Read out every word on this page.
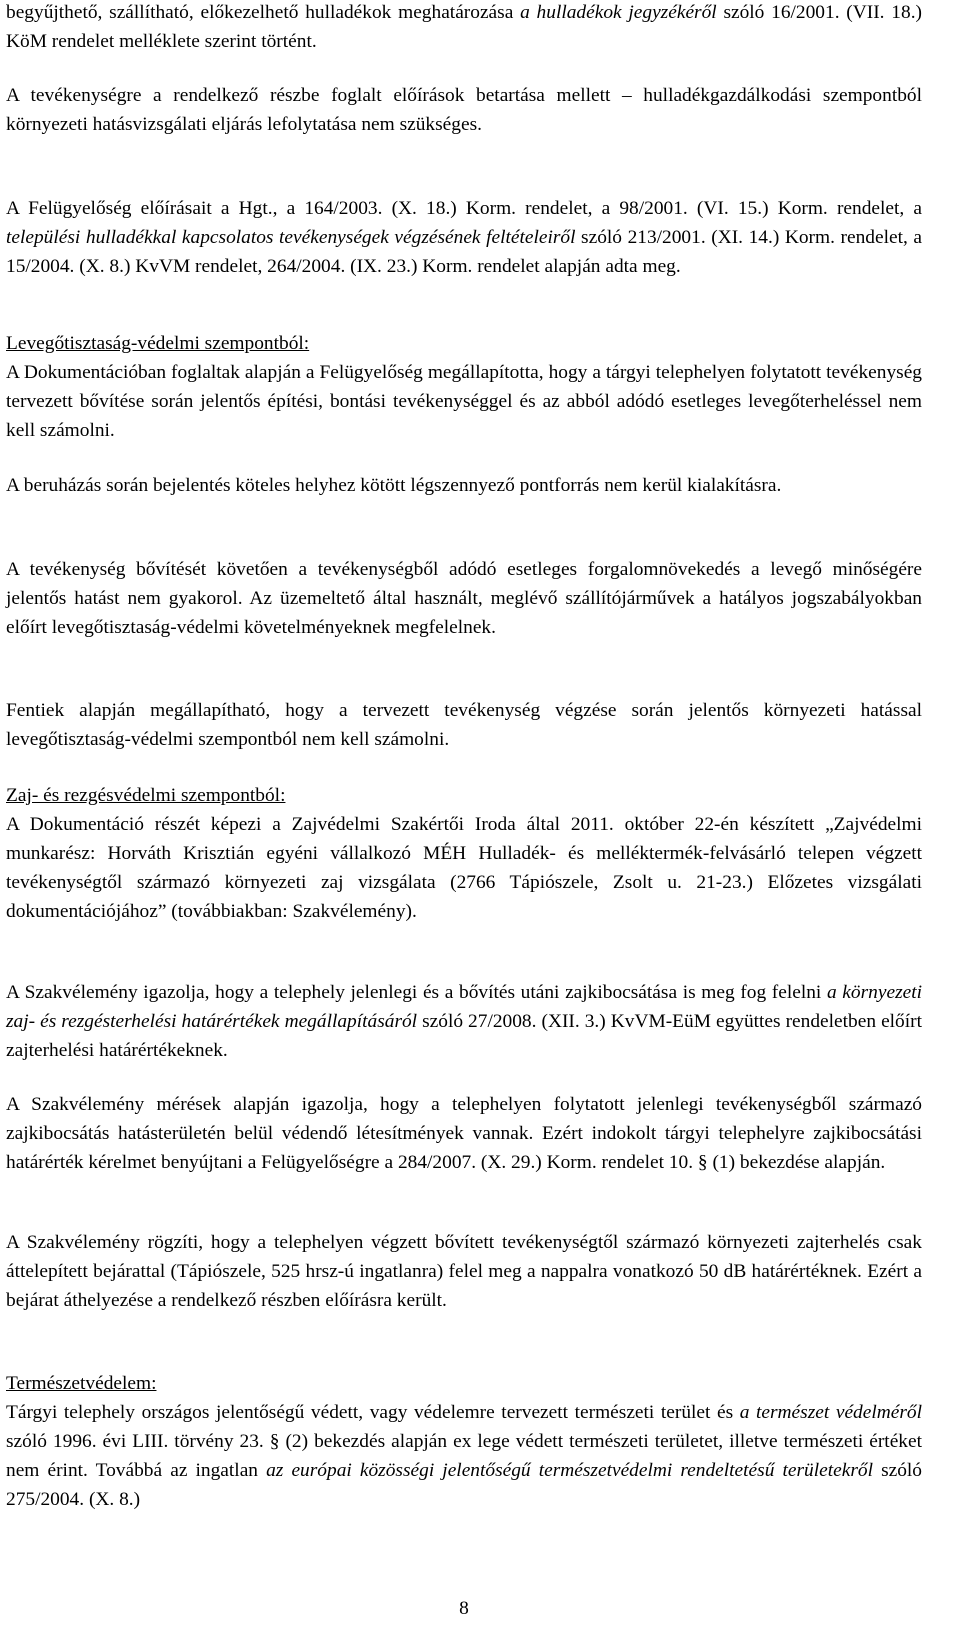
begyűjthető, szállítható, előkezelhető hulladékok meghatározása a hulladékok jegyzékéről szóló 16/2001. (VII. 18.) KöM rendelet melléklete szerint történt.

A tevékenységre a rendelkező részbe foglalt előírások betartása mellett – hulladékgazdálkodási szempontból környezeti hatásvizsgálati eljárás lefolytatása nem szükséges.

A Felügyelőség előírásait a Hgt., a 164/2003. (X. 18.) Korm. rendelet, a 98/2001. (VI. 15.) Korm. rendelet, a települési hulladékkal kapcsolatos tevékenységek végzésének feltételeiről szóló 213/2001. (XI. 14.) Korm. rendelet, a 15/2004. (X. 8.) KvVM rendelet, 264/2004. (IX. 23.) Korm. rendelet alapján adta meg.

Levegőtisztaság-védelmi szempontból:

A Dokumentációban foglaltak alapján a Felügyelőség megállapította, hogy a tárgyi telephelyen folytatott tevékenység tervezett bővítése során jelentős építési, bontási tevékenységgel és az abból adódó esetleges levegőterheléssel nem kell számolni.

A beruházás során bejelentés köteles helyhez kötött légszennyező pontforrás nem kerül kialakításra.

A tevékenység bővítését követően a tevékenységből adódó esetleges forgalomnövekedés a levegő minőségére jelentős hatást nem gyakorol. Az üzemeltető által használt, meglévő szállítójárművek a hatályos jogszabályokban előírt levegőtisztaság-védelmi követelményeknek megfelelnek.

Fentiek alapján megállapítható, hogy a tervezett tevékenység végzése során jelentős környezeti hatással levegőtisztaság-védelmi szempontból nem kell számolni.

Zaj- és rezgésvédelmi szempontból:

A Dokumentáció részét képezi a Zajvédelmi Szakértői Iroda által 2011. október 22-én készített „Zajvédelmi munkarész: Horváth Krisztián egyéni vállalkozó MÉH Hulladék- és melléktermék-felvásárló telepen végzett tevékenységtől származó környezeti zaj vizsgálata (2766 Tápiószele, Zsolt u. 21-23.) Előzetes vizsgálati dokumentációjához” (továbbiakban: Szakvélemény).

A Szakvélemény igazolja, hogy a telephely jelenlegi és a bővítés utáni zajkibocsátása is meg fog felelni a környezeti zaj- és rezgésterhelési határértékek megállapításáról szóló 27/2008. (XII. 3.) KvVM-EüM együttes rendeletben előírt zajterhelési határértékeknek.

A Szakvélemény mérések alapján igazolja, hogy a telephelyen folytatott jelenlegi tevékenységből származó zajkibocsátás hatásterületén belül védendő létesítmények vannak. Ezért indokolt tárgyi telephelyre zajkibocsátási határérték kérelmet benyújtani a Felügyelőségre a 284/2007. (X. 29.) Korm. rendelet 10. § (1) bekezdése alapján.

A Szakvélemény rögzíti, hogy a telephelyen végzett bővített tevékenységtől származó környezeti zajterhelés csak áttelepített bejárattal (Tápiószele, 525 hrsz-ú ingatlanra) felel meg a nappalra vonatkozó 50 dB határértéknek. Ezért a bejárat áthelyezése a rendelkező részben előírásra került.

Természetvédelem:

Tárgyi telephely országos jelentőségű védett, vagy védelemre tervezett természeti terület és a természet védelméről szóló 1996. évi LIII. törvény 23. § (2) bekezdés alapján ex lege védett természeti területet, illetve természeti értéket nem érint. Továbbá az ingatlan az európai közösségi jelentőségű természetvédelmi rendeltetésű területekről szóló 275/2004. (X. 8.)

8
